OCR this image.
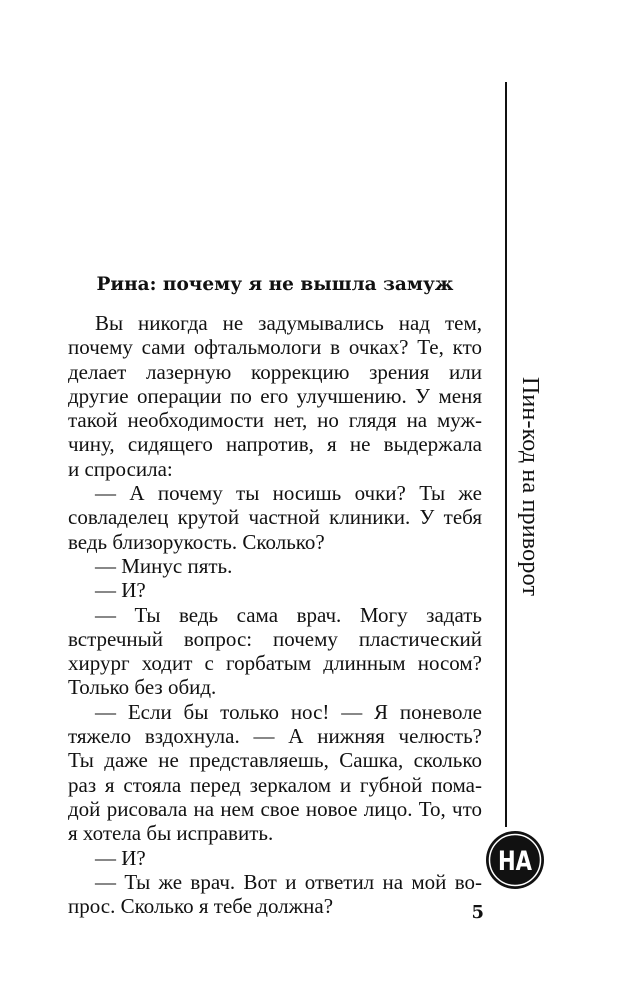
Рина: почему я не вышла замуж
Вы никогда не задумывались над тем,
почему сами офтальмологи в очках? Те, кто
делает лазерную коррекцию зрения или
другие операции по его улучшению. У меня
такой необходимости нет, но глядя на муж-
чину, сидящего напротив, я не выдержала
и спросила:
— А почему ты носишь очки? Ты же
совладелец крутой частной клиники. У тебя
ведь близорукость. Сколько?
— Минус пять.
— И?
— Ты ведь сама врач. Могу задать
встречный вопрос: почему пластический
хирург ходит с горбатым длинным носом?
Только без обид.
— Если бы только нос! — Я поневоле
тяжело вздохнула. — А нижняя челюсть?
Ты даже не представляешь, Сашка, сколько
раз я стояла перед зеркалом и губной пома-
дой рисовала на нем свое новое лицо. То, что
я хотела бы исправить.
— И?
— Ты же врач. Вот и ответил на мой во-
прос. Сколько я тебе должна?
Пин-код на приворот
НА
5
